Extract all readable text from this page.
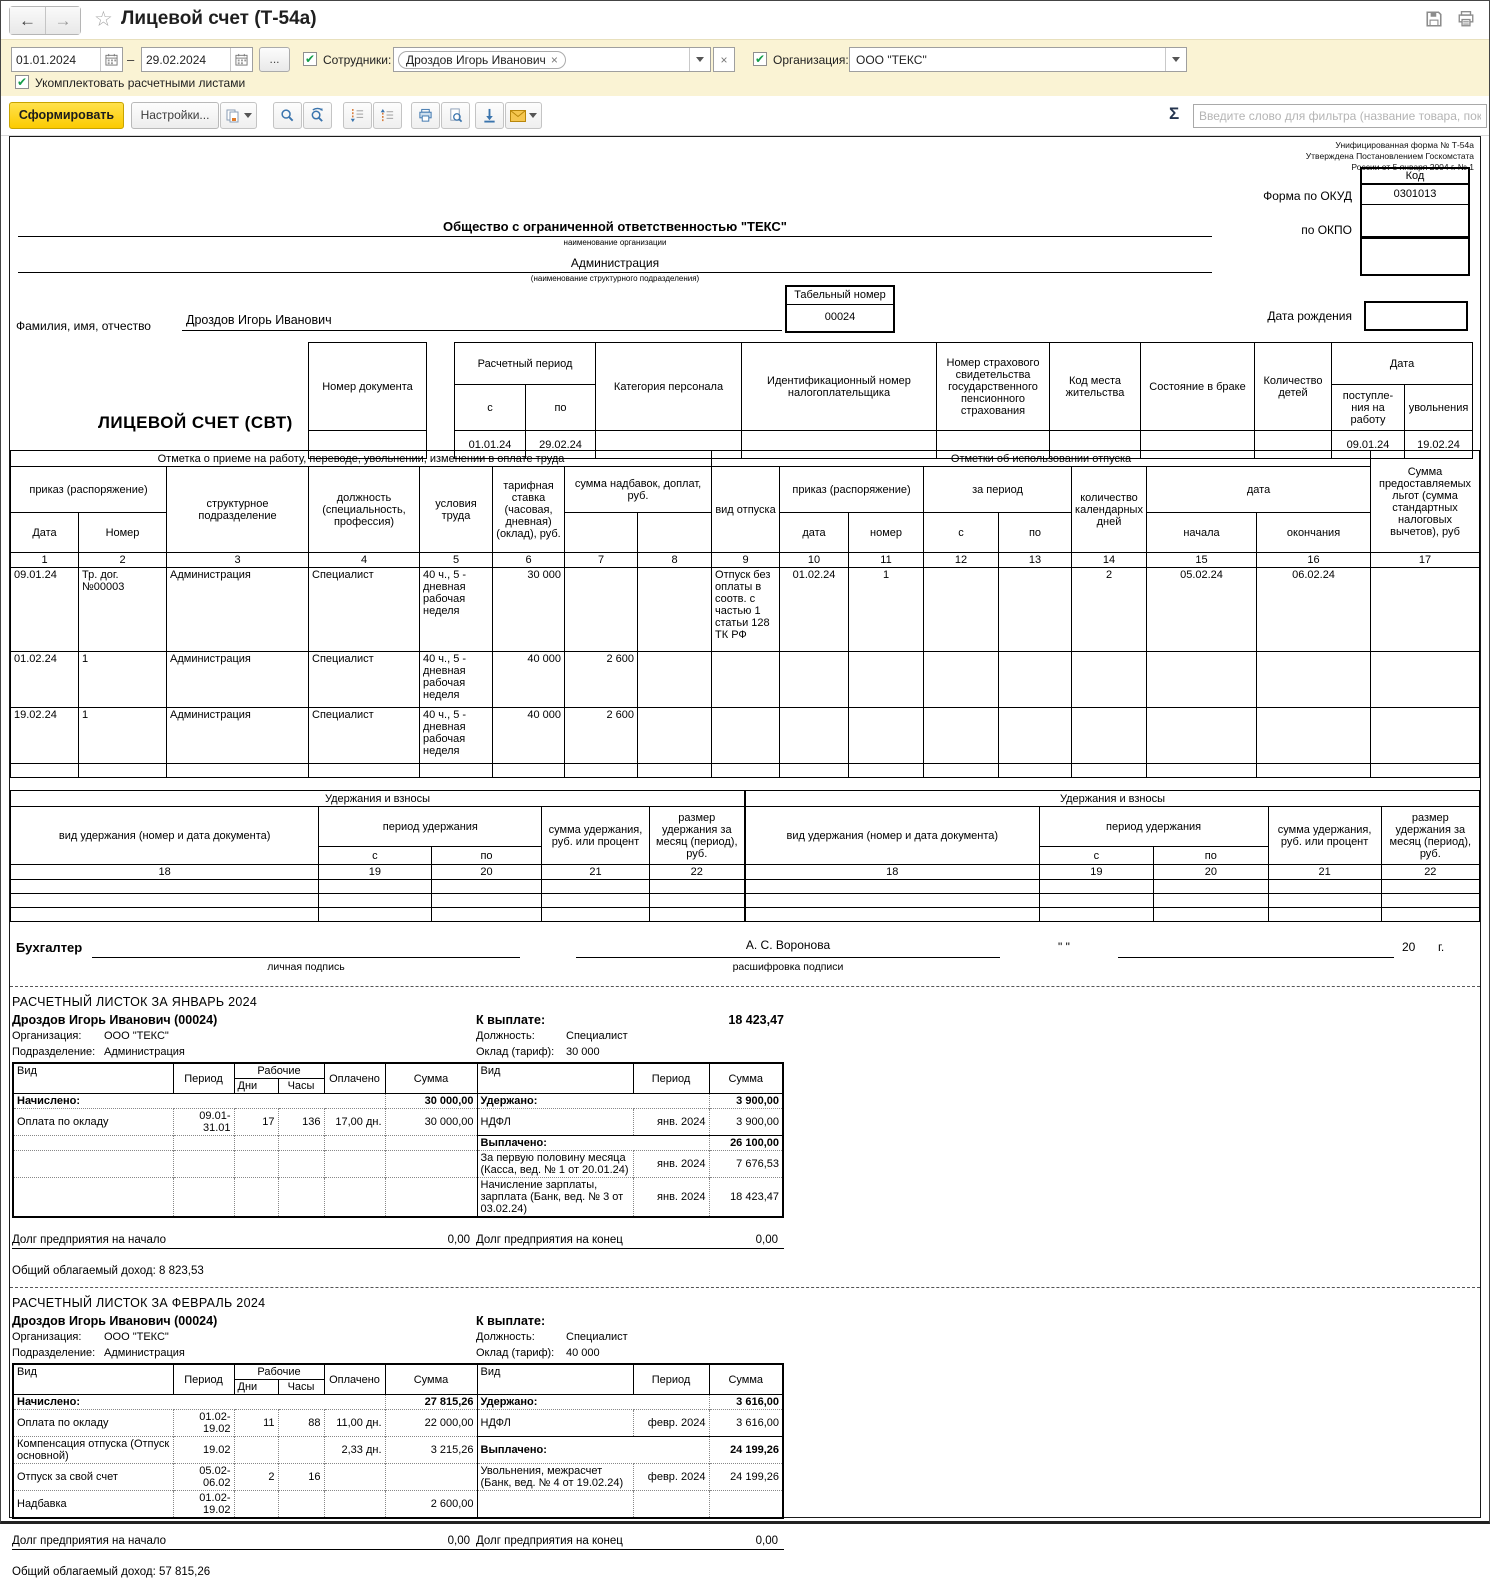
← → ☆ Лицевой счет (Т-54а)
01.01.2024	– 29.02.2024	...	✔ Сотрудники: Дроздов Игорь Иванович ×	×	✔ Организация: ООО "ТЕКС"
✔ Укомплектовать расчетными листами
Сформировать	Настройки...	Σ
Введите слово для фильтра (название товара, покупате
Унифицированная форма № Т-54а
Утверждена Постановлением Госкомстата
России от 5 января 2004 г. № 1
Код
0301013
Форма по ОКУД
по ОКПО
Общество с ограниченной ответственностью "ТЕКС"
наименование организации
Администрация
(наименование структурного подразделения)
Табельный номер
00024
Фамилия, имя, отчество	Дроздов Игорь Иванович	Дата рождения
ЛИЦЕВОЙ СЧЕТ (СВТ)
Номер документа		Расчетный период		Категория персонала	Идентификационный номер налогоплательщика	Номер страхового свидетельства государственного пенсионного страхования	Код места жительства	Состояние в браке	Количество детей	Дата	
		с	по							поступле-ния на работу	увольнения
		01.01.24	29.02.24							09.01.24	19.02.24
Отметка о приеме на работу, переводе, увольнении, изменении в оплате труда								Отметки об использовании отпуска								Сумма предоставляемых льгот (сумма стандартных налоговых вычетов), руб
приказ (распоряжение)		структурное подразделение	должность (специальность, профессия)	условия труда	тарифная ставка (часовая, дневная) (оклад), руб.	сумма надбавок, доплат, руб.		вид отпуска	приказ (распоряжение)		за период		количество календарных дней	дата		
Дата	Номер								дата	номер	с	по		начала	окончания	
1	2	3	4	5	6	7	8	9	10	11	12	13	14	15	16	17
09.01.24	Тр. дог. №00003	Администрация	Специалист	40 ч., 5 - дневная рабочая неделя	30 000			Отпуск без оплаты в соотв. с частью 1 статьи 128 ТК РФ	01.02.24	1			2	05.02.24	06.02.24	
01.02.24	1	Администрация	Специалист	40 ч., 5 - дневная рабочая неделя	40 000	2 600										
19.02.24	1	Администрация	Специалист	40 ч., 5 - дневная рабочая неделя	40 000	2 600										

Удержания и взносы				
вид удержания (номер и дата документа)	период удержания		сумма удержания, руб. или процент	размер удержания за месяц (период), руб.
	с	по		
18	19	20	21	22

Удержания и взносы				
вид удержания (номер и дата документа)	период удержания		сумма удержания, руб. или процент	размер удержания за месяц (период), руб.
	с	по		
18	19	20	21	22

Бухгалтер	А. С. Воронова
личная подпись	расшифровка подписи
" "	20 г.
РАСЧЕТНЫЙ ЛИСТОК ЗА ЯНВАРЬ 2024
Дроздов Игорь Иванович (00024)	К выплате:	18 423,47
Организация:	ООО "ТЕКС"	Должность:	Специалист
Подразделение: Администрация	Оклад (тариф):	30 000
Вид	Период	Рабочие		Оплачено	Сумма	Вид	Период	Сумма
		Дни	Часы					
Начислено:					30 000,00	Удержано:		3 900,00
Оплата по окладу	09.01-31.01	17	136	17,00 дн.	30 000,00	НДФЛ	янв. 2024	3 900,00
						Выплачено:		26 100,00
						За первую половину месяца (Касса, вед. № 1 от 20.01.24)	янв. 2024	7 676,53
						Начисление зарплаты, зарплата (Банк, вед. № 3 от 03.02.24)	янв. 2024	18 423,47
Долг предприятия на начало	0,00 Долг предприятия на конец	0,00
Общий облагаемый доход: 8 823,53
РАСЧЕТНЫЙ ЛИСТОК ЗА ФЕВРАЛЬ 2024
Дроздов Игорь Иванович (00024)	К выплате:
Организация:	ООО "ТЕКС"	Должность:	Специалист
Подразделение: Администрация	Оклад (тариф):	40 000
Вид	Период	Рабочие		Оплачено	Сумма	Вид	Период	Сумма
		Дни	Часы					
Начислено:					27 815,26	Удержано:		3 616,00
Оплата по окладу	01.02-19.02	11	88	11,00 дн.	22 000,00	НДФЛ	февр. 2024	3 616,00
Компенсация отпуска (Отпуск основной)	19.02			2,33 дн.	3 215,26	Выплачено:		24 199,26
Отпуск за свой счет	05.02-06.02	2	16			Увольнения, межрасчет (Банк, вед. № 4 от 19.02.24)	февр. 2024	24 199,26
Надбавка	01.02-19.02				2 600,00			
Долг предприятия на начало	0,00 Долг предприятия на конец	0,00
Общий облагаемый доход: 57 815,26
